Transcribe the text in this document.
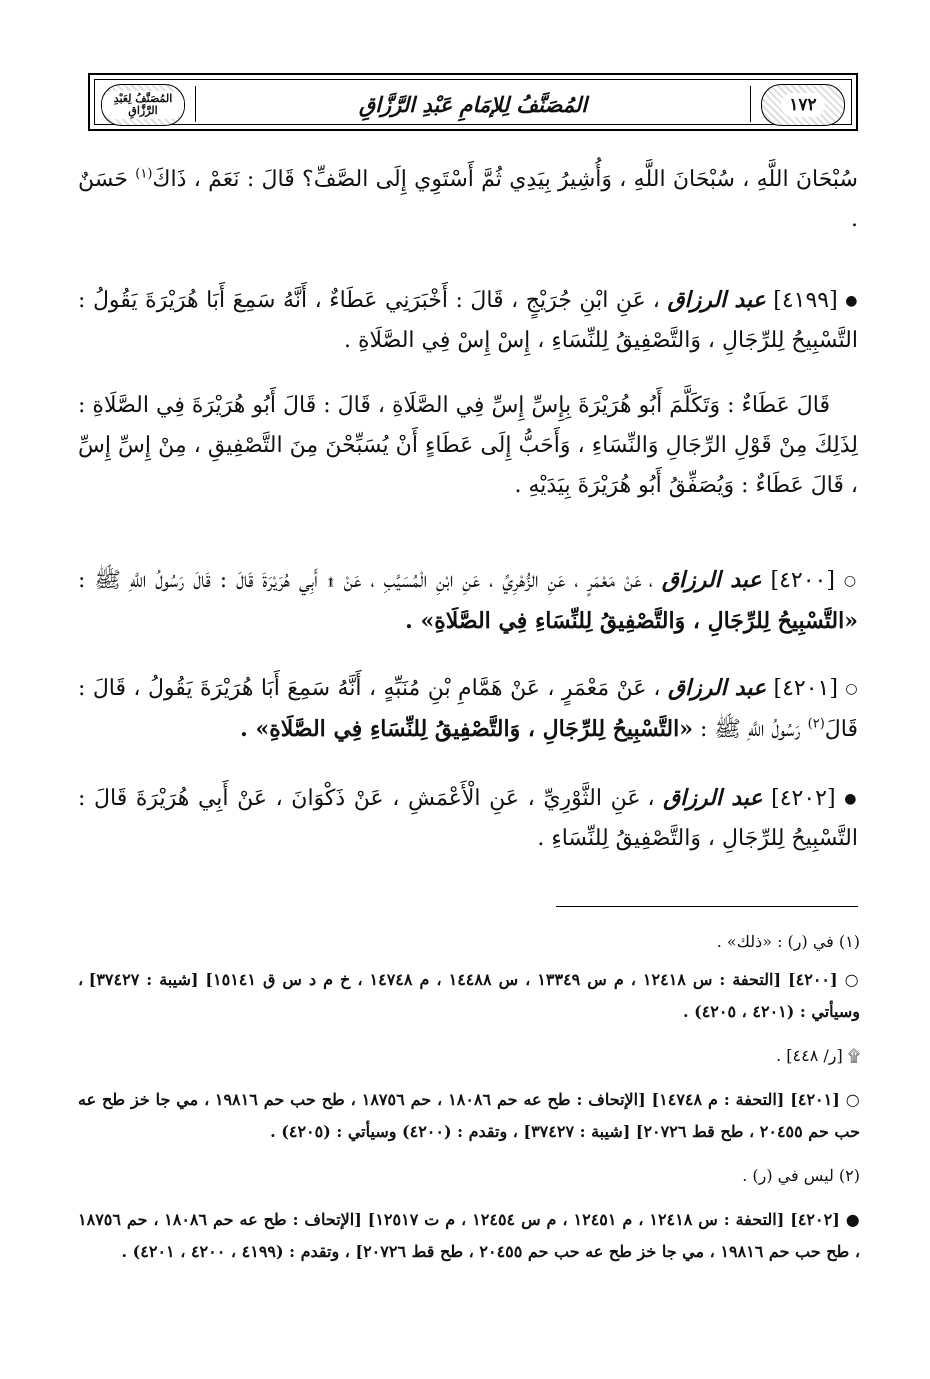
١٧٢
المُصَنَّفُ لِلإمَامِ عَبْدِ الرَّزَّاقِ
المُصَنَّفُ لِعَبْدِ الرَّزَّاقِ

سُبْحَانَ اللَّهِ ، سُبْحَانَ اللَّهِ ، وَأُشِيرُ بِيَدِي ثُمَّ أَسْتَوِي إِلَى الصَّفِّ؟ قَالَ : نَعَمْ ، ذَاكَ$^{(١)}$ حَسَنٌ .

● [٤١٩٩] عبد الرزاق ، عَنِ ابْنِ جُرَيْجٍ ، قَالَ : أَخْبَرَنِي عَطَاءٌ ، أَنَّهُ سَمِعَ أَبَا هُرَيْرَةَ يَقُولُ : التَّسْبِيحُ لِلرِّجَالِ ، وَالتَّصْفِيقُ لِلنِّسَاءِ ، إِسْ إِسْ فِي الصَّلَاةِ .

قَالَ عَطَاءٌ : وَتَكَلَّمَ أَبُو هُرَيْرَةَ بِإِسِّ إِسِّ فِي الصَّلَاةِ ، قَالَ : قَالَ أَبُو هُرَيْرَةَ فِي الصَّلَاةِ : لِذَلِكَ مِنْ قَوْلِ الرِّجَالِ وَالنِّسَاءِ ، وَأَحَبُّ إِلَى عَطَاءٍ أَنْ يُسَبِّحْنَ مِنَ التَّصْفِيقِ ، مِنْ إِسِّ إِسِّ ، قَالَ عَطَاءٌ : وَيُصَفِّقُ أَبُو هُرَيْرَةَ بِيَدَيْهِ .

○ [٤٢٠٠] عبد الرزاق ، عَنْ مَعْمَرٍ ، عَنِ الزُّهْرِيِّ ، عَنِ ابْنِ الْمُسَيَّبِ ، عَنْ ۩ أَبِي هُرَيْرَةَ قَالَ : قَالَ رَسُولُ اللَّهِ ﷺ : «التَّسْبِيحُ لِلرِّجَالِ ، وَالتَّصْفِيقُ لِلنِّسَاءِ فِي الصَّلَاةِ» .

○ [٤٢٠١] عبد الرزاق ، عَنْ مَعْمَرٍ ، عَنْ هَمَّامِ بْنِ مُنَبِّهٍ ، أَنَّهُ سَمِعَ أَبَا هُرَيْرَةَ يَقُولُ ، قَالَ : قَالَ$^{(٢)}$ رَسُولُ اللَّهِ ﷺ : «التَّسْبِيحُ لِلرِّجَالِ ، وَالتَّصْفِيقُ لِلنِّسَاءِ فِي الصَّلَاةِ» .

● [٤٢٠٢] عبد الرزاق ، عَنِ الثَّوْرِيِّ ، عَنِ الْأَعْمَشِ ، عَنْ ذَكْوَانَ ، عَنْ أَبِي هُرَيْرَةَ قَالَ : التَّسْبِيحُ لِلرِّجَالِ ، وَالتَّصْفِيقُ لِلنِّسَاءِ .

(١) في (ر) : «ذلك» .

○ [٤٢٠٠] [التحفة : س ١٢٤١٨ ، م س ١٣٣٤٩ ، س ١٤٤٨٨ ، م ١٤٧٤٨ ، خ م د س ق ١٥١٤١] [شيبة : ٣٧٤٢٧] ، وسيأتي : (٤٢٠١ ، ٤٢٠٥) .

۩ [ر/ ٤٤٨] .

○ [٤٢٠١] [التحفة : م ١٤٧٤٨] [الإتحاف : طح عه حم ١٨٠٨٦ ، حم ١٨٧٥٦ ، طح حب حم ١٩٨١٦ ، مي جا خز طح عه حب حم ٢٠٤٥٥ ، طح قط ٢٠٧٢٦] [شيبة : ٣٧٤٢٧] ، وتقدم : (٤٢٠٠) وسيأتي : (٤٢٠٥) .

(٢) ليس في (ر) .

● [٤٢٠٢] [التحفة : س ١٢٤١٨ ، م ١٢٤٥١ ، م س ١٢٤٥٤ ، م ت ١٢٥١٧] [الإتحاف : طح عه حم ١٨٠٨٦ ، حم ١٨٧٥٦ ، طح حب حم ١٩٨١٦ ، مي جا خز طح عه حب حم ٢٠٤٥٥ ، طح قط ٢٠٧٢٦] ، وتقدم : (٤١٩٩ ، ٤٢٠٠ ، ٤٢٠١) .
